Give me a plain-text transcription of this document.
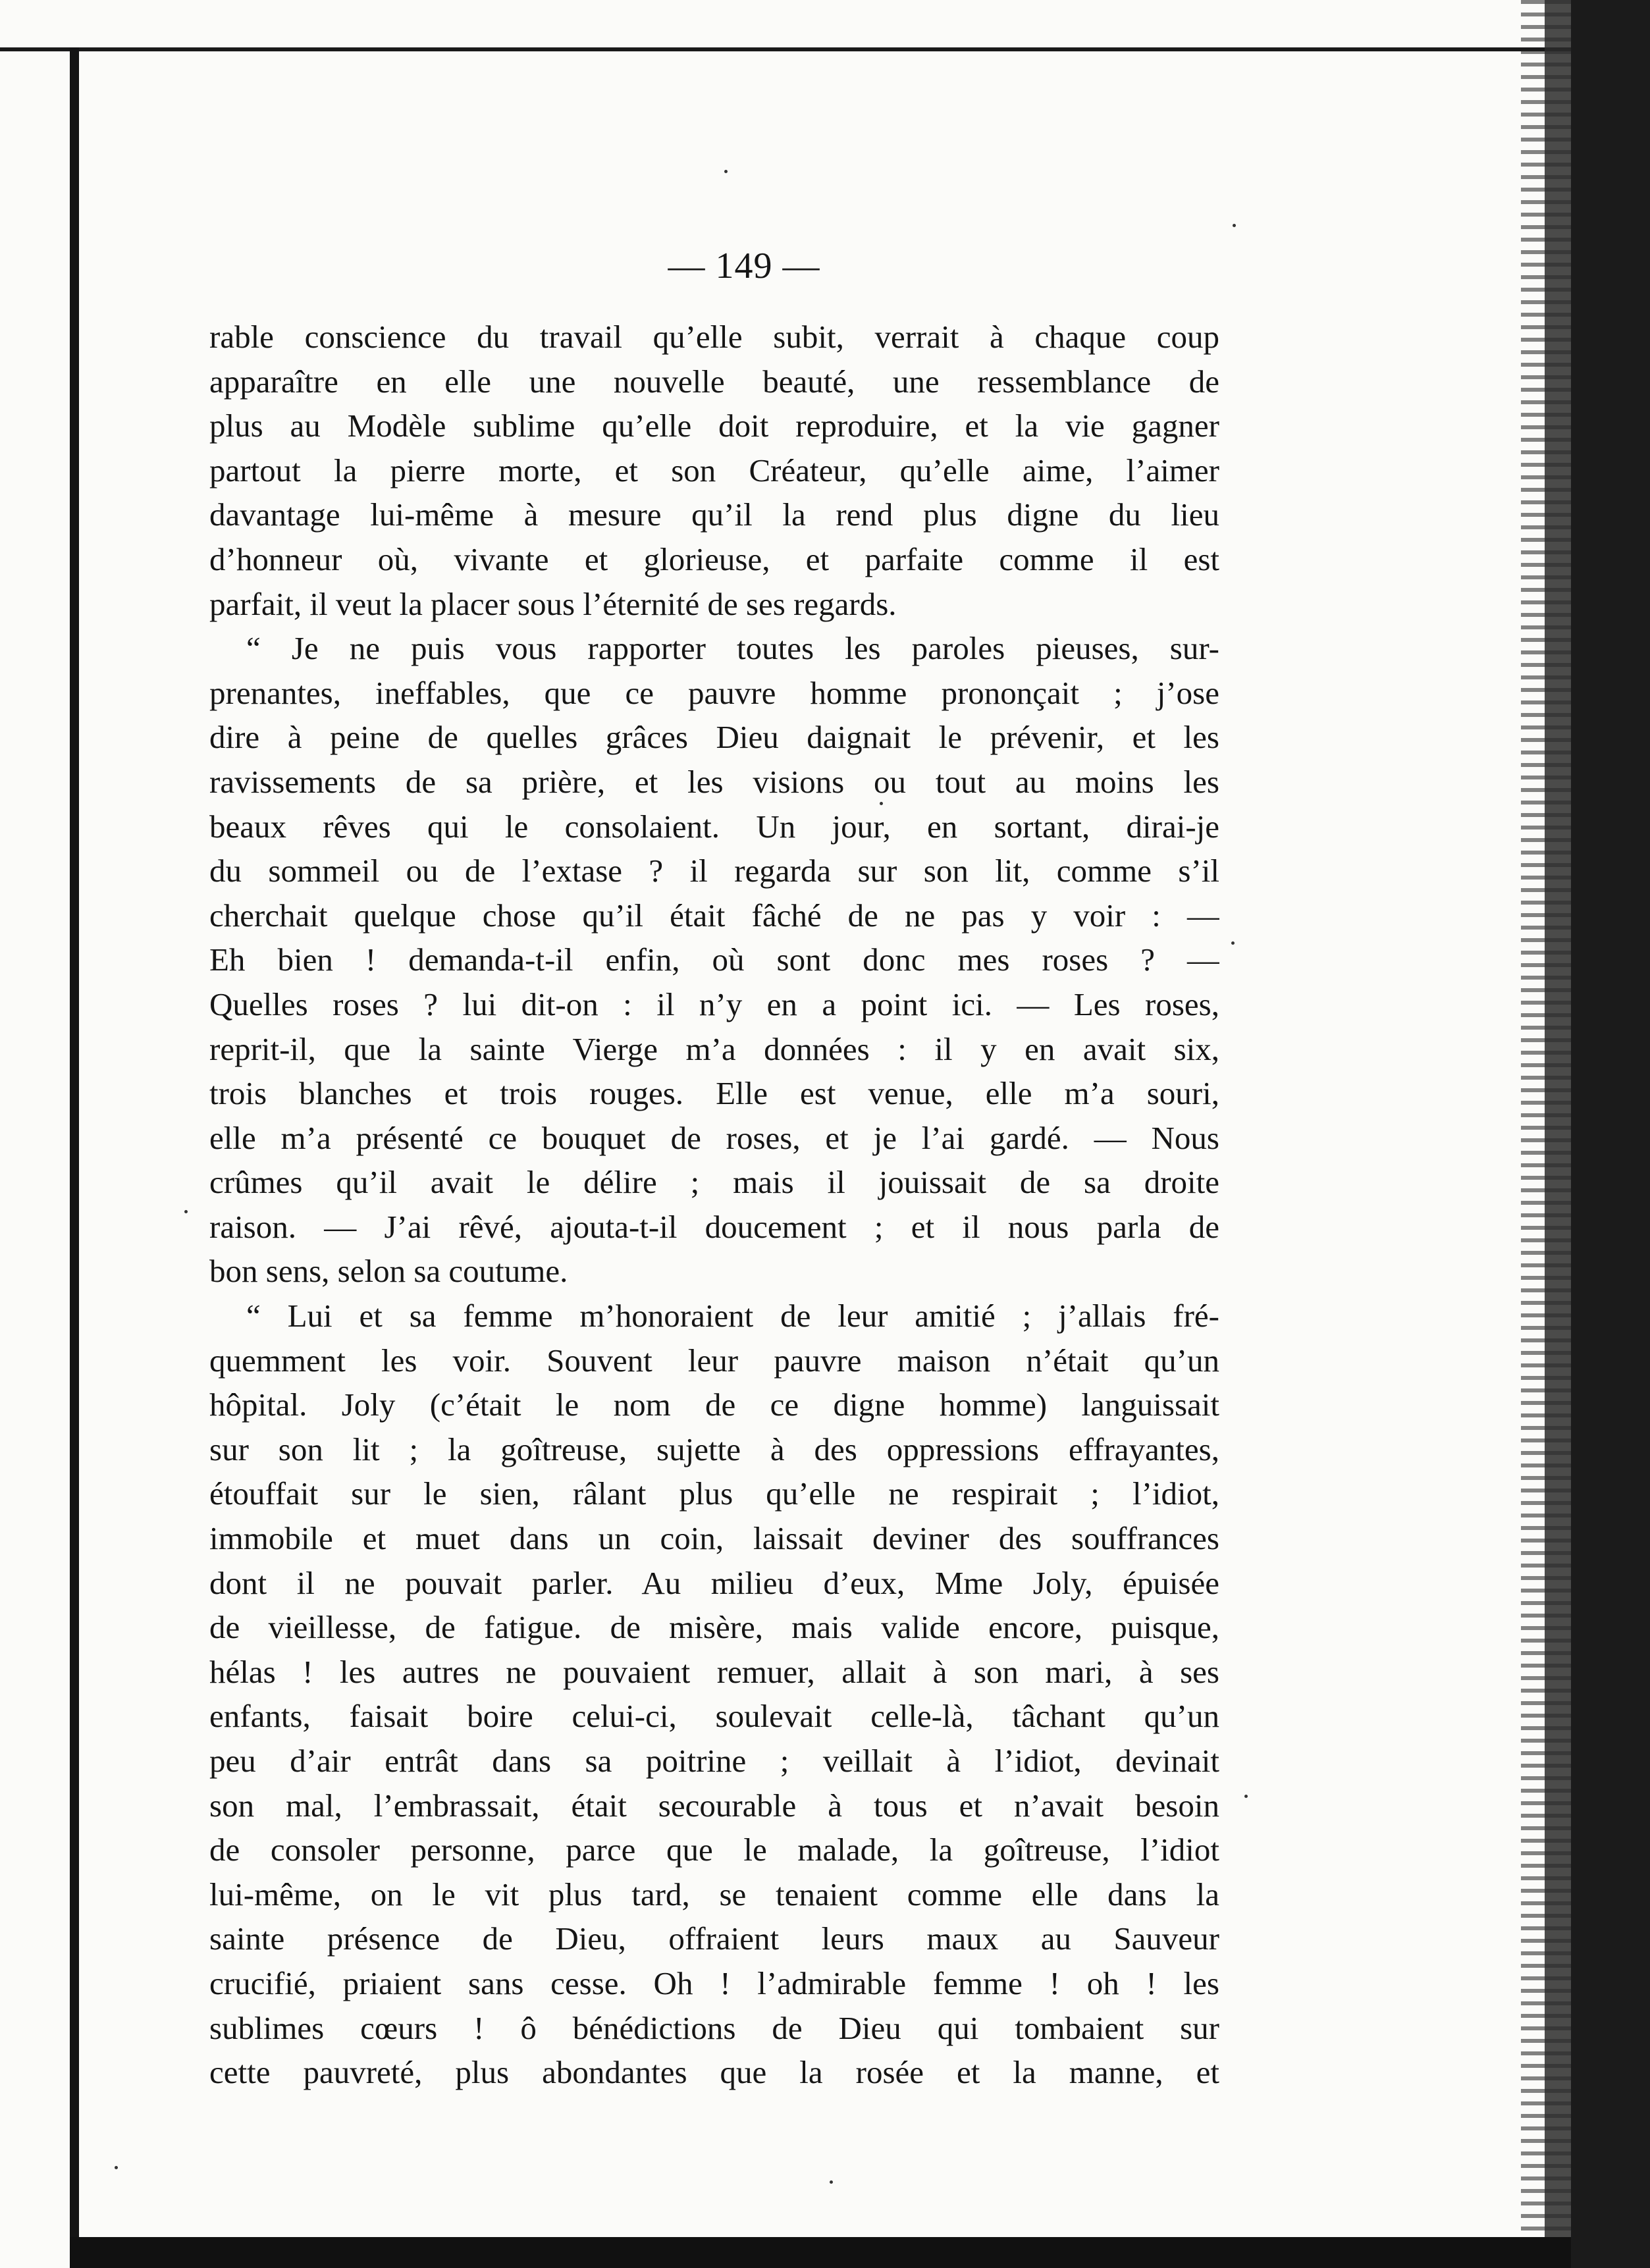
— 149 —
rable conscience du travail qu’elle subit, verrait à chaque coup
apparaître en elle une nouvelle beauté, une ressemblance de
plus au Modèle sublime qu’elle doit reproduire, et la vie gagner
partout la pierre morte, et son Créateur, qu’elle aime, l’aimer
davantage lui-même à mesure qu’il la rend plus digne du lieu
d’honneur où, vivante et glorieuse, et parfaite comme il est
parfait, il veut la placer sous l’éternité de ses regards.
“ Je ne puis vous rapporter toutes les paroles pieuses, sur-
prenantes, ineffables, que ce pauvre homme prononçait ; j’ose
dire à peine de quelles grâces Dieu daignait le prévenir, et les
ravissements de sa prière, et les visions ou tout au moins les
beaux rêves qui le consolaient. Un jour, en sortant, dirai-je
du sommeil ou de l’extase ? il regarda sur son lit, comme s’il
cherchait quelque chose qu’il était fâché de ne pas y voir : —
Eh bien ! demanda-t-il enfin, où sont donc mes roses ? —
Quelles roses ? lui dit-on : il n’y en a point ici. — Les roses,
reprit-il, que la sainte Vierge m’a données : il y en avait six,
trois blanches et trois rouges. Elle est venue, elle m’a souri,
elle m’a présenté ce bouquet de roses, et je l’ai gardé. — Nous
crûmes qu’il avait le délire ; mais il jouissait de sa droite
raison. — J’ai rêvé, ajouta-t-il doucement ; et il nous parla de
bon sens, selon sa coutume.
“ Lui et sa femme m’honoraient de leur amitié ; j’allais fré-
quemment les voir. Souvent leur pauvre maison n’était qu’un
hôpital. Joly (c’était le nom de ce digne homme) languissait
sur son lit ; la goîtreuse, sujette à des oppressions effrayantes,
étouffait sur le sien, râlant plus qu’elle ne respirait ; l’idiot,
immobile et muet dans un coin, laissait deviner des souffrances
dont il ne pouvait parler. Au milieu d’eux, Mme Joly, épuisée
de vieillesse, de fatigue. de misère, mais valide encore, puisque,
hélas ! les autres ne pouvaient remuer, allait à son mari, à ses
enfants, faisait boire celui-ci, soulevait celle-là, tâchant qu’un
peu d’air entrât dans sa poitrine ; veillait à l’idiot, devinait
son mal, l’embrassait, était secourable à tous et n’avait besoin
de consoler personne, parce que le malade, la goîtreuse, l’idiot
lui-même, on le vit plus tard, se tenaient comme elle dans la
sainte présence de Dieu, offraient leurs maux au Sauveur
crucifié, priaient sans cesse. Oh ! l’admirable femme ! oh ! les
sublimes cœurs ! ô bénédictions de Dieu qui tombaient sur
cette pauvreté, plus abondantes que la rosée et la manne, et
